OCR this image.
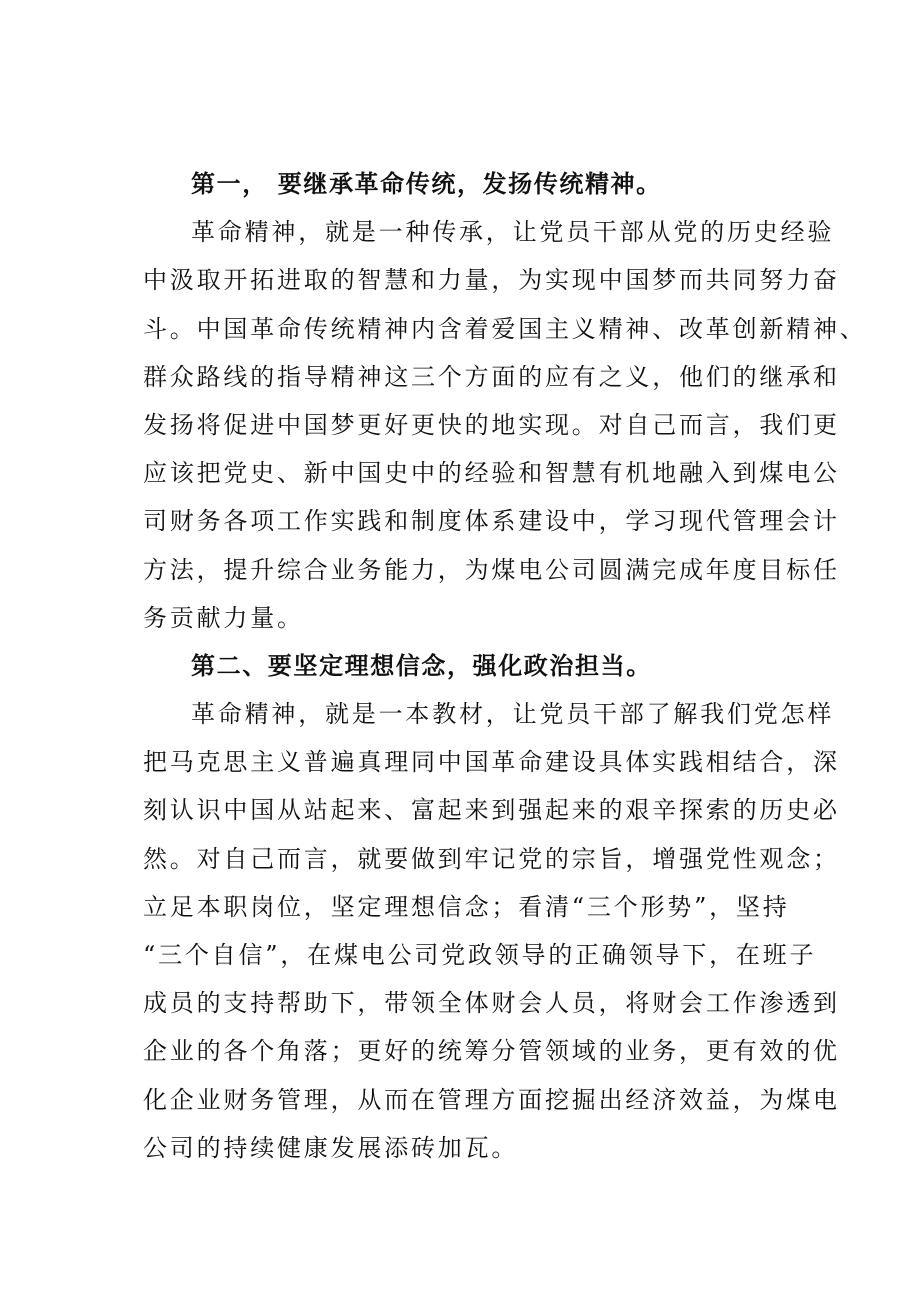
第一， 要继承革命传统，发扬传统精神。
革命精神，就是一种传承，让党员干部从党的历史经验
中汲取开拓进取的智慧和力量，为实现中国梦而共同努力奋
斗。中国革命传统精神内含着爱国主义精神、改革创新精神、
群众路线的指导精神这三个方面的应有之义，他们的继承和
发扬将促进中国梦更好更快的地实现。对自己而言，我们更
应该把党史、新中国史中的经验和智慧有机地融入到煤电公
司财务各项工作实践和制度体系建设中，学习现代管理会计
方法，提升综合业务能力，为煤电公司圆满完成年度目标任
务贡献力量。
第二、要坚定理想信念，强化政治担当。
革命精神，就是一本教材，让党员干部了解我们党怎样
把马克思主义普遍真理同中国革命建设具体实践相结合，深
刻认识中国从站起来、富起来到强起来的艰辛探索的历史必
然。对自己而言，就要做到牢记党的宗旨，增强党性观念；
立足本职岗位，坚定理想信念；看清“三个形势”，坚持
“三个自信”，在煤电公司党政领导的正确领导下，在班子
成员的支持帮助下，带领全体财会人员，将财会工作渗透到
企业的各个角落；更好的统筹分管领域的业务，更有效的优
化企业财务管理，从而在管理方面挖掘出经济效益，为煤电
公司的持续健康发展添砖加瓦。
